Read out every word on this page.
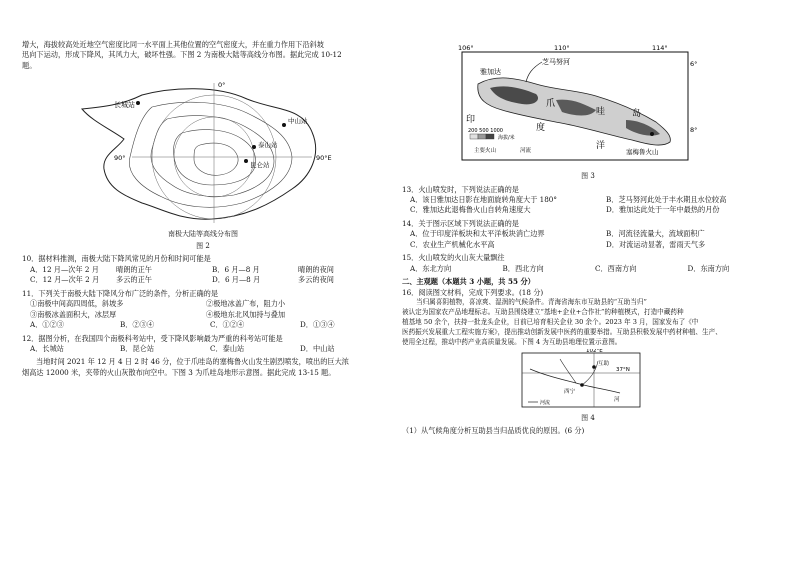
增大，海拔较高处近地空气密度比同一水平面上其他位置的空气密度大，并在重力作用下沿斜坡

迅向下运动，形成下降风，其风力大，破坏性强。下图 2 为南极大陆等高线分布图。据此完成 10-12

题。

长城站
中山站
泰山站
昆仑站
90°	90°E
0°

南极大陆等高线分布图

图 2

10．据材料推测，南极大陆下降风常见的月份和时间可能是

A．12 月—次年 2 月	晴朗的正午	B．6 月—8 月	晴朗的夜间
C．12 月—次年 2 月	多云的正午	D．6 月—8 月	多云的夜间

11．下列关于南极大陆下降风分布广泛的条件，分析正确的是

①南极中间高四周低，斜坡多	②极地冰盖广布，阻力小
③南极冰盖面积大，冰层厚	④极地东北风加持与叠加
A．①②③	B．②③④	C．①②④	D．①③④

12．据图分析，在我国四个南极科考站中，受下降风影响最为严重的科考站可能是

A．长城站	B．昆仑站	C．泰山站	D．中山站

当地时间 2021 年 12 月 4 日 2 时 46 分，位于爪哇岛的塞梅鲁火山发生剧烈喷发，喷出的巨大浓

烟高达 12000 米，夹带的火山灰散布向空中。下图 3 为爪哇岛地形示意图。据此完成 13-15 题。

106°	110°	114°
6°
8°
雅加达
芝马努河
印
度
洋
爪
哇	岛
塞梅鲁火山
200 500 1000
海拔/米
主要火山	河流

图 3

13．火山喷发时，下列说法正确的是

A．该日雅加达日影在地面旋转角度大于 180°	B．芝马努河此处于丰水期且水位较高
C．雅加达此退梅鲁火山自转角速度大	D．雅加达此处于一年中最热的月份

14．关于图示区域下列说法正确的是

A．位于印度洋板块和太平洋板块消亡边界	B．河流径流量大，流域面积广
C．农业生产机械化水平高	D．对流运动显著，雷雨天气多

15．火山喷发的火山灰大量飘往

A．东北方向	B．西北方向	C．西南方向	D．东南方向

二、主观题（本题共 3 小题，共 55 分）

16．阅读图文材料，完成下列要求。(18 分)

当归属喜阴植物，喜凉爽、湿润的气候条件。青海省海东市互助县的“互助当归”

被认定为国家农产品地理标志。互助县围绕建立“基地+企业+合作社”的种植模式，打造中藏药种

植基地 50 余个，扶持一批龙头企业，目前已培育相关企业 30 余个。2023 年 3 月，国家发布了《中

医药振兴发展重大工程实施方案》，提出推动创新发展中医药的重要举措。互助县积极发展中药材种植、生产、

使用全过程，推动中药产业高质量发展。下图 4 为互助县地理位置示意图。

102°E
37°N
互助
西宁
河
河流

图 4

（1）从气候角度分析互助县当归品质优良的原因。(6 分)
